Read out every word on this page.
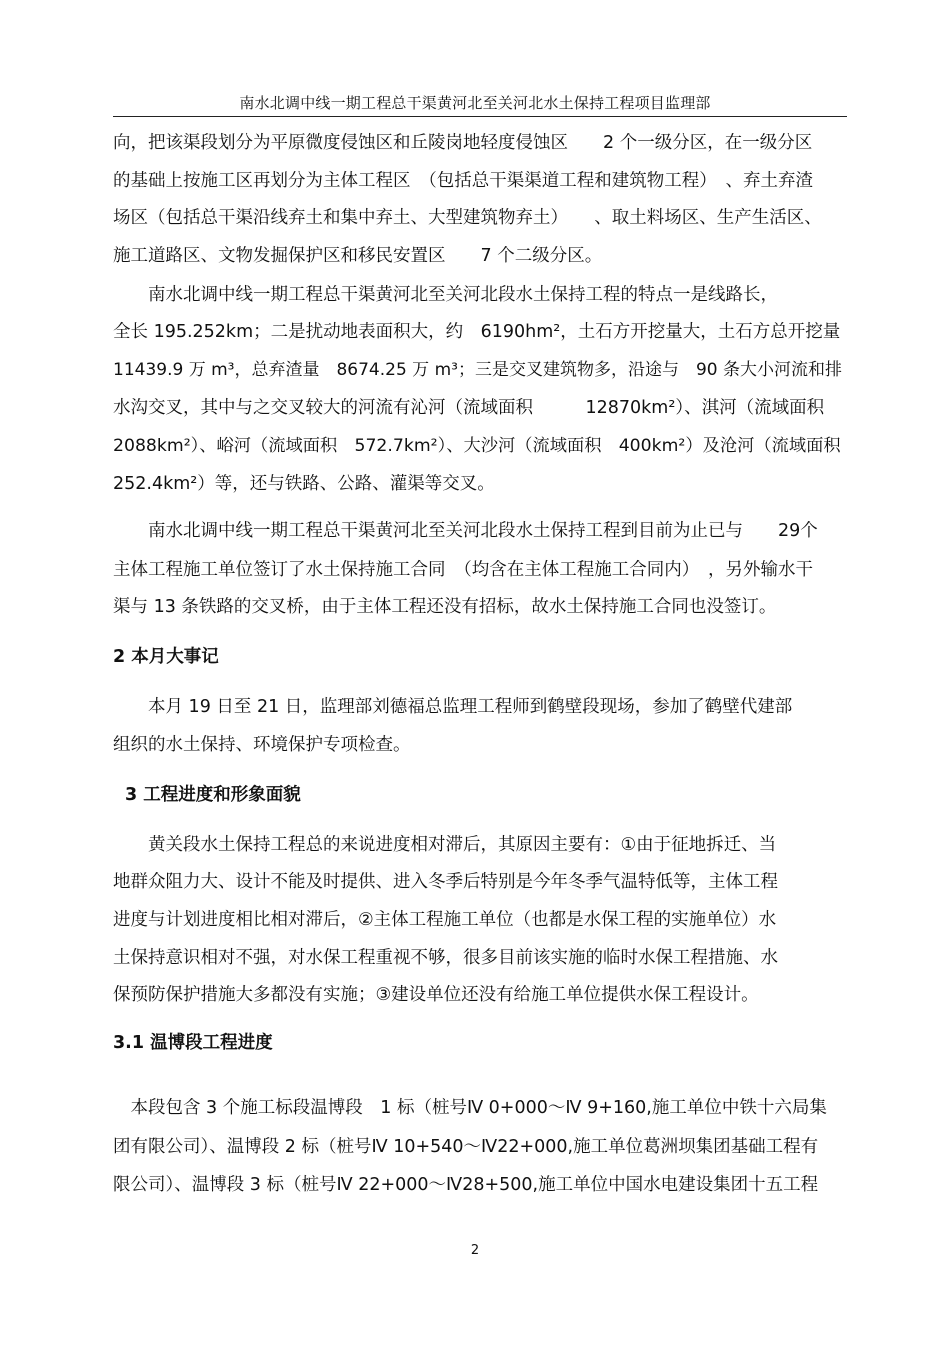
南水北调中线一期工程总干渠黄河北至关河北水土保持工程项目监理部
向，把该渠段划分为平原微度侵蚀区和丘陵岗地轻度侵蚀区　　2 个一级分区，在一级分区
的基础上按施工区再划分为主体工程区　（包括总干渠渠道工程和建筑物工程）　、弃土弃渣
场区（包括总干渠沿线弃土和集中弃土、大型建筑物弃土）　　、取土料场区、生产生活区、
施工道路区、文物发掘保护区和移民安置区　　7 个二级分区。
　　南水北调中线一期工程总干渠黄河北至关河北段水土保持工程的特点一是线路长，
全长 195.252km；二是扰动地表面积大，约　6190hm²，土石方开挖量大，土石方总开挖量
11439.9 万 m³，总弃渣量　8674.25 万 m³；三是交叉建筑物多，沿途与　90 条大小河流和排
水沟交叉，其中与之交叉较大的河流有沁河（流域面积　　　12870km²）、淇河（流域面积
2088km²）、峪河（流域面积　572.7km²）、大沙河（流域面积　400km²）及沧河（流域面积
252.4km²）等，还与铁路、公路、灌渠等交叉。
　　南水北调中线一期工程总干渠黄河北至关河北段水土保持工程到目前为止已与　　29个
主体工程施工单位签订了水土保持施工合同　（均含在主体工程施工合同内）　，另外输水干
渠与 13 条铁路的交叉桥，由于主体工程还没有招标，故水土保持施工合同也没签订。
2 本月大事记
　　本月 19 日至 21 日，监理部刘德福总监理工程师到鹤壁段现场，参加了鹤壁代建部
组织的水土保持、环境保护专项检查。
3 工程进度和形象面貌
　　黄关段水土保持工程总的来说进度相对滞后，其原因主要有：①由于征地拆迁、当
地群众阻力大、设计不能及时提供、进入冬季后特别是今年冬季气温特低等，主体工程
进度与计划进度相比相对滞后，②主体工程施工单位（也都是水保工程的实施单位）水
土保持意识相对不强，对水保工程重视不够，很多目前该实施的临时水保工程措施、水
保预防保护措施大多都没有实施；③建设单位还没有给施工单位提供水保工程设计。
3.1 温博段工程进度
　本段包含 3 个施工标段温博段　1 标（桩号Ⅳ 0+000～Ⅳ 9+160,施工单位中铁十六局集
团有限公司）、温博段 2 标（桩号Ⅳ 10+540～Ⅳ22+000,施工单位葛洲坝集团基础工程有
限公司）、温博段 3 标（桩号Ⅳ 22+000～Ⅳ28+500,施工单位中国水电建设集团十五工程
2
